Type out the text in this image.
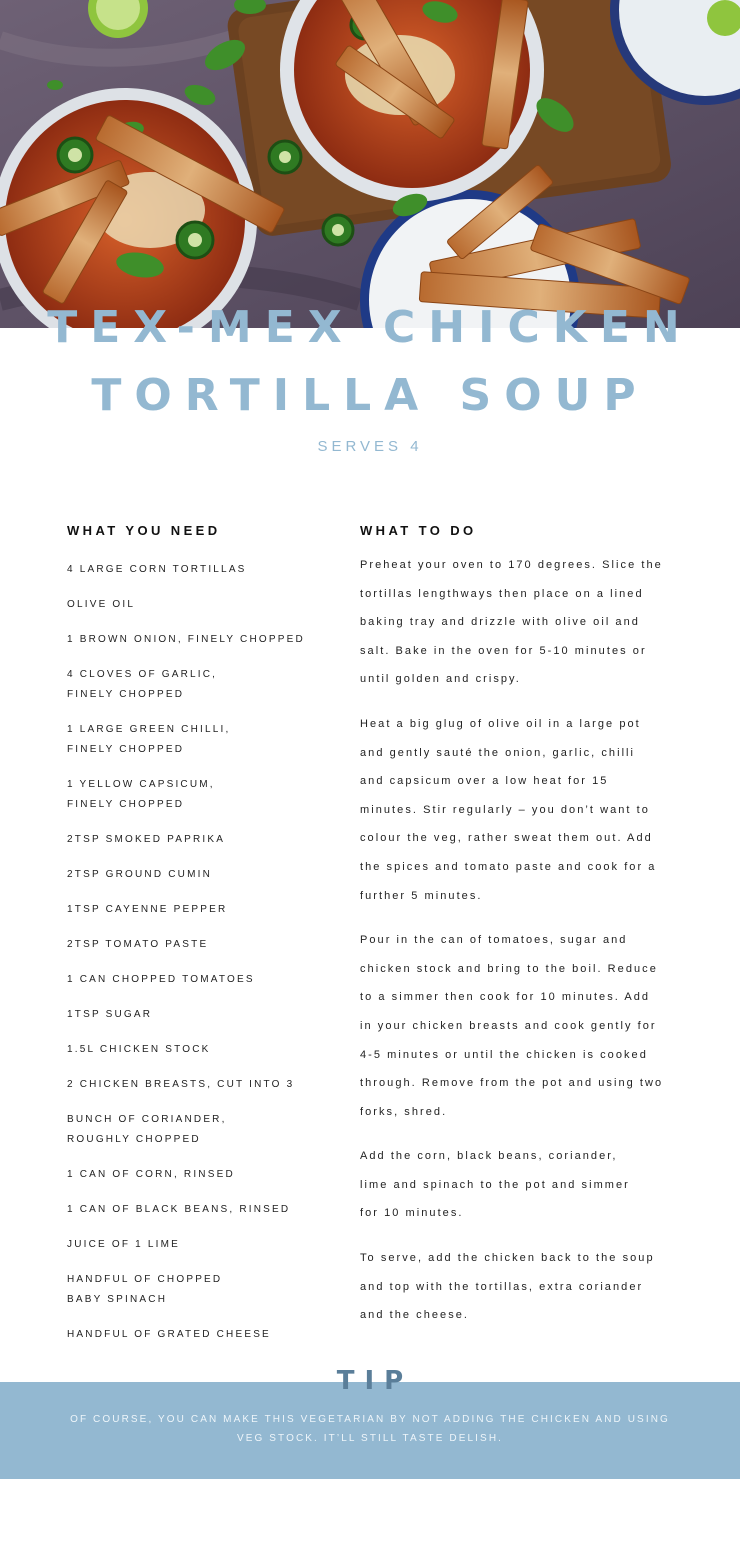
TEX-MEX CHICKEN
TORTILLA SOUP
SERVES 4
WHAT YOU NEED
4 LARGE CORN TORTILLAS
OLIVE OIL
1 BROWN ONION, FINELY CHOPPED
4 CLOVES OF GARLIC,
FINELY CHOPPED
1 LARGE GREEN CHILLI,
FINELY CHOPPED
1 YELLOW CAPSICUM,
FINELY CHOPPED
2TSP SMOKED PAPRIKA
2TSP GROUND CUMIN
1TSP CAYENNE PEPPER
2TSP TOMATO PASTE
1 CAN CHOPPED TOMATOES
1TSP SUGAR
1.5L CHICKEN STOCK
2 CHICKEN BREASTS, CUT INTO 3
BUNCH OF CORIANDER,
ROUGHLY CHOPPED
1 CAN OF CORN, RINSED
1 CAN OF BLACK BEANS, RINSED
JUICE OF 1 LIME
HANDFUL OF CHOPPED
BABY SPINACH
HANDFUL OF GRATED CHEESE
WHAT TO DO

Preheat your oven to 170 degrees. Slice the
tortillas lengthways then place on a lined
baking tray and drizzle with olive oil and
salt. Bake in the oven for 5-10 minutes or
until golden and crispy.

Heat a big glug of olive oil in a large pot
and gently sauté the onion, garlic, chilli
and capsicum over a low heat for 15
minutes. Stir regularly – you don’t want to
colour the veg, rather sweat them out. Add
the spices and tomato paste and cook for a
further 5 minutes.

Pour in the can of tomatoes, sugar and
chicken stock and bring to the boil. Reduce
to a simmer then cook for 10 minutes. Add
in your chicken breasts and cook gently for
4-5 minutes or until the chicken is cooked
through. Remove from the pot and using two
forks, shred.

Add the corn, black beans, coriander,
lime and spinach to the pot and simmer
for 10 minutes.

To serve, add the chicken back to the soup
and top with the tortillas, extra coriander
and the cheese.

TIP
OF COURSE, YOU CAN MAKE THIS VEGETARIAN BY NOT ADDING THE CHICKEN AND USING
VEG STOCK. IT’LL STILL TASTE DELISH.
